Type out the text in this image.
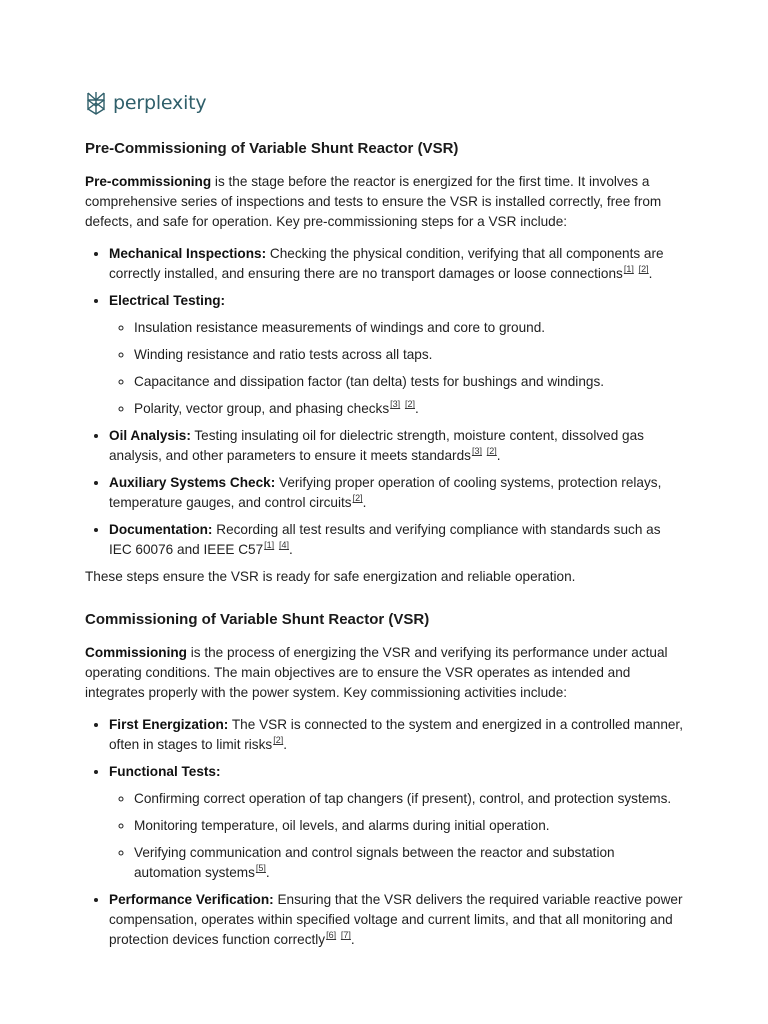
perplexity
Pre-Commissioning of Variable Shunt Reactor (VSR)

Pre-commissioning is the stage before the reactor is energized for the first time. It involves a comprehensive series of inspections and tests to ensure the VSR is installed correctly, free from defects, and safe for operation. Key pre-commissioning steps for a VSR include:

• Mechanical Inspections: Checking the physical condition, verifying that all components are correctly installed, and ensuring there are no transport damages or loose connections[1] [2].
• Electrical Testing:
◦ Insulation resistance measurements of windings and core to ground.
◦ Winding resistance and ratio tests across all taps.
◦ Capacitance and dissipation factor (tan delta) tests for bushings and windings.
◦ Polarity, vector group, and phasing checks[3] [2].
• Oil Analysis: Testing insulating oil for dielectric strength, moisture content, dissolved gas analysis, and other parameters to ensure it meets standards[3] [2].
• Auxiliary Systems Check: Verifying proper operation of cooling systems, protection relays, temperature gauges, and control circuits[2].
• Documentation: Recording all test results and verifying compliance with standards such as IEC 60076 and IEEE C57[1] [4].

These steps ensure the VSR is ready for safe energization and reliable operation.

Commissioning of Variable Shunt Reactor (VSR)

Commissioning is the process of energizing the VSR and verifying its performance under actual operating conditions. The main objectives are to ensure the VSR operates as intended and integrates properly with the power system. Key commissioning activities include:

• First Energization: The VSR is connected to the system and energized in a controlled manner, often in stages to limit risks[2].
• Functional Tests:
◦ Confirming correct operation of tap changers (if present), control, and protection systems.
◦ Monitoring temperature, oil levels, and alarms during initial operation.
◦ Verifying communication and control signals between the reactor and substation automation systems[5].
• Performance Verification: Ensuring that the VSR delivers the required variable reactive power compensation, operates within specified voltage and current limits, and that all monitoring and protection devices function correctly[6] [7].
